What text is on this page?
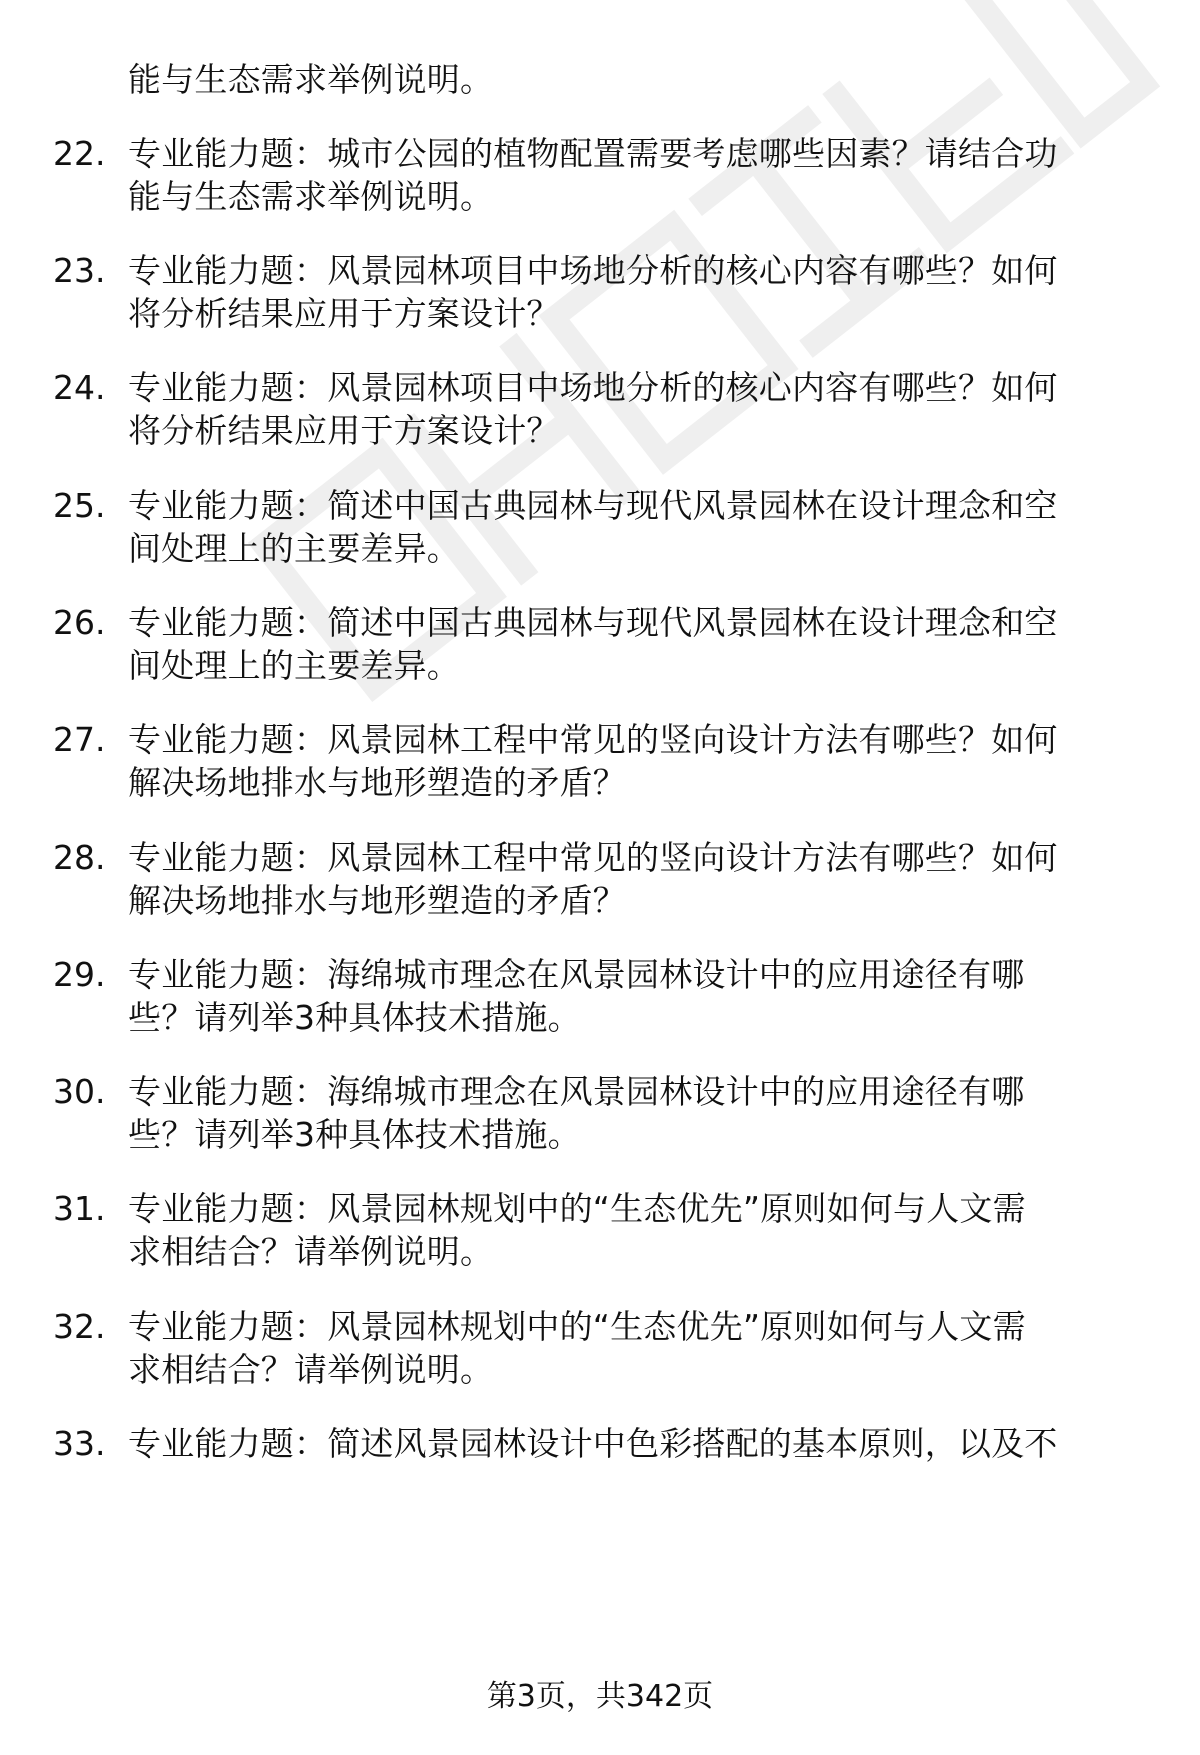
能与生态需求举例说明。
22. 专业能力题：城市公园的植物配置需要考虑哪些因素？请结合功
能与生态需求举例说明。
23. 专业能力题：风景园林项目中场地分析的核心内容有哪些？如何
将分析结果应用于方案设计？
24. 专业能力题：风景园林项目中场地分析的核心内容有哪些？如何
将分析结果应用于方案设计？
25. 专业能力题：简述中国古典园林与现代风景园林在设计理念和空
间处理上的主要差异。
26. 专业能力题：简述中国古典园林与现代风景园林在设计理念和空
间处理上的主要差异。
27. 专业能力题：风景园林工程中常见的竖向设计方法有哪些？如何
解决场地排水与地形塑造的矛盾？
28. 专业能力题：风景园林工程中常见的竖向设计方法有哪些？如何
解决场地排水与地形塑造的矛盾？
29. 专业能力题：海绵城市理念在风景园林设计中的应用途径有哪
些？请列举3种具体技术措施。
30. 专业能力题：海绵城市理念在风景园林设计中的应用途径有哪
些？请列举3种具体技术措施。
31. 专业能力题：风景园林规划中的“生态优先”原则如何与人文需
求相结合？请举例说明。
32. 专业能力题：风景园林规划中的“生态优先”原则如何与人文需
求相结合？请举例说明。
33. 专业能力题：简述风景园林设计中色彩搭配的基本原则，以及不
第3页，共342页
